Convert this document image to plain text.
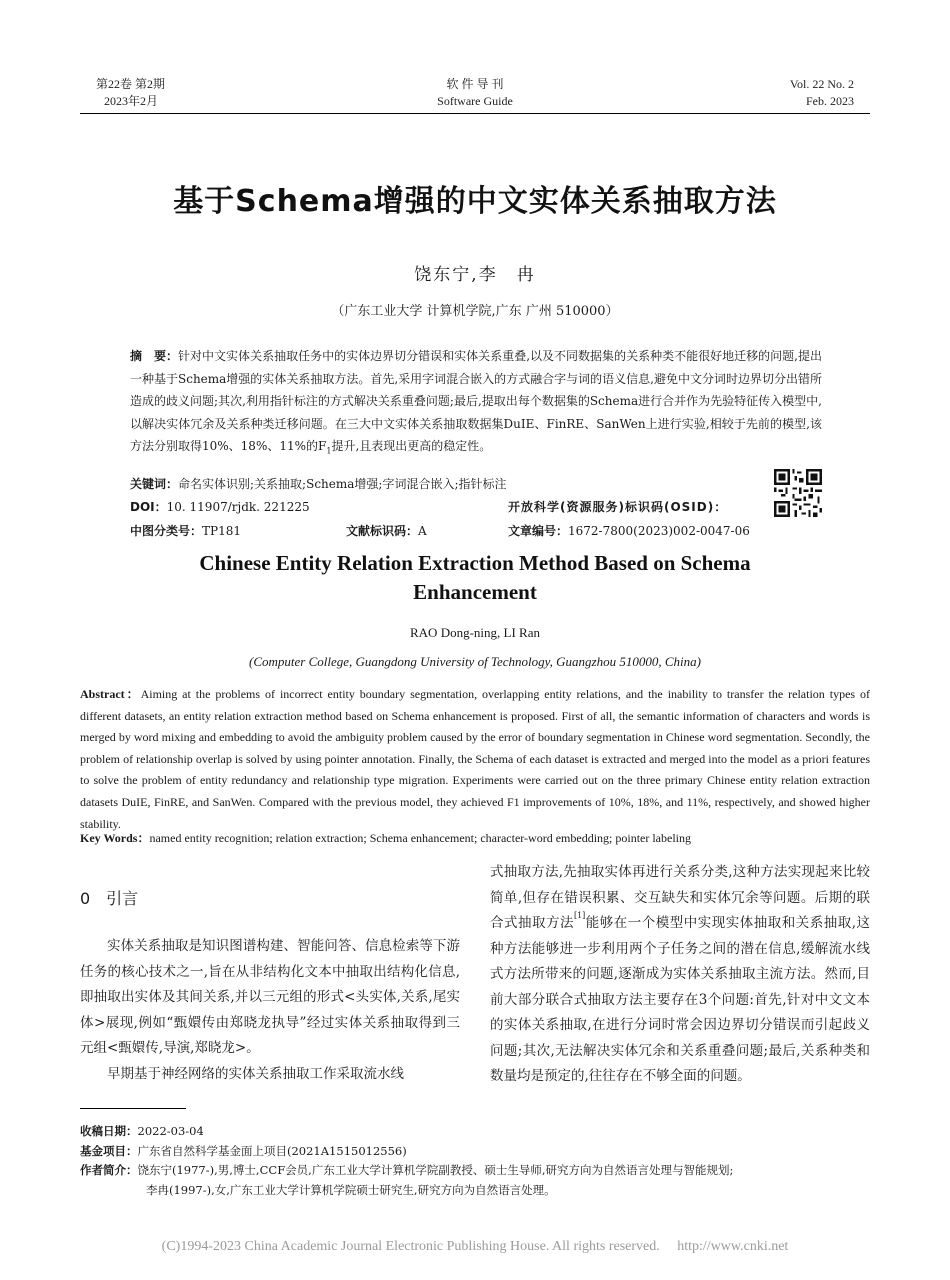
第22卷 第2期
2023年2月
软 件 导 刊
Software Guide
Vol. 22 No. 2
Feb. 2023
基于Schema增强的中文实体关系抽取方法
饶东宁,李　冉
（广东工业大学 计算机学院,广东 广州 510000）
摘　要：针对中文实体关系抽取任务中的实体边界切分错误和实体关系重叠,以及不同数据集的关系种类不能很好地迁移的问题,提出一种基于Schema增强的实体关系抽取方法。首先,采用字词混合嵌入的方式融合字与词的语义信息,避免中文分词时边界切分出错所造成的歧义问题;其次,利用指针标注的方式解决关系重叠问题;最后,提取出每个数据集的Schema进行合并作为先验特征传入模型中,以解决实体冗余及关系种类迁移问题。在三大中文实体关系抽取数据集DuIE、FinRE、SanWen上进行实验,相较于先前的模型,该方法分别取得10%、18%、11%的$F_1$提升,且表现出更高的稳定性。
关键词：命名实体识别;关系抽取;Schema增强;字词混合嵌入;指针标注
DOI：10. 11907/rjdk. 221225	开放科学(资源服务)标识码(OSID)：
中图分类号：TP181	文献标识码：A	文章编号：1672-7800(2023)002-0047-06
Chinese Entity Relation Extraction Method Based on Schema Enhancement
RAO Dong-ning, LI Ran
(Computer College, Guangdong University of Technology, Guangzhou 510000, China)
Abstract：Aiming at the problems of incorrect entity boundary segmentation, overlapping entity relations, and the inability to transfer the relation types of different datasets, an entity relation extraction method based on Schema enhancement is proposed. First of all, the semantic information of characters and words is merged by word mixing and embedding to avoid the ambiguity problem caused by the error of boundary segmentation in Chinese word segmentation. Secondly, the problem of relationship overlap is solved by using pointer annotation. Finally, the Schema of each dataset is extracted and merged into the model as a priori features to solve the problem of entity redundancy and relationship type migration. Experiments were carried out on the three primary Chinese entity relation extraction datasets DuIE, FinRE, and SanWen. Compared with the previous model, they achieved F1 improvements of 10%, 18%, and 11%, respectively, and showed higher stability.
Key Words：named entity recognition; relation extraction; Schema enhancement; character-word embedding; pointer labeling
0　引言

实体关系抽取是知识图谱构建、智能问答、信息检索等下游任务的核心技术之一,旨在从非结构化文本中抽取出结构化信息,即抽取出实体及其间关系,并以三元组的形式<头实体,关系,尾实体>展现,例如“甄嬛传由郑晓龙执导”经过实体关系抽取得到三元组<甄嬛传,导演,郑晓龙>。

早期基于神经网络的实体关系抽取工作采取流水线

式抽取方法,先抽取实体再进行关系分类,这种方法实现起来比较简单,但存在错误积累、交互缺失和实体冗余等问题。后期的联合式抽取方法[1]能够在一个模型中实现实体抽取和关系抽取,这种方法能够进一步利用两个子任务之间的潜在信息,缓解流水线式方法所带来的问题,逐渐成为实体关系抽取主流方法。然而,目前大部分联合式抽取方法主要存在3个问题:首先,针对中文文本的实体关系抽取,在进行分词时常会因边界切分错误而引起歧义问题;其次,无法解决实体冗余和关系重叠问题;最后,关系种类和数量均是预定的,往往存在不够全面的问题。

收稿日期：2022-03-04
基金项目：广东省自然科学基金面上项目(2021A1515012556)
作者简介：饶东宁(1977-),男,博士,CCF会员,广东工业大学计算机学院副教授、硕士生导师,研究方向为自然语言处理与智能规划;
李冉(1997-),女,广东工业大学计算机学院硕士研究生,研究方向为自然语言处理。
(C)1994-2023 China Academic Journal Electronic Publishing House. All rights reserved.　 http://www.cnki.net
